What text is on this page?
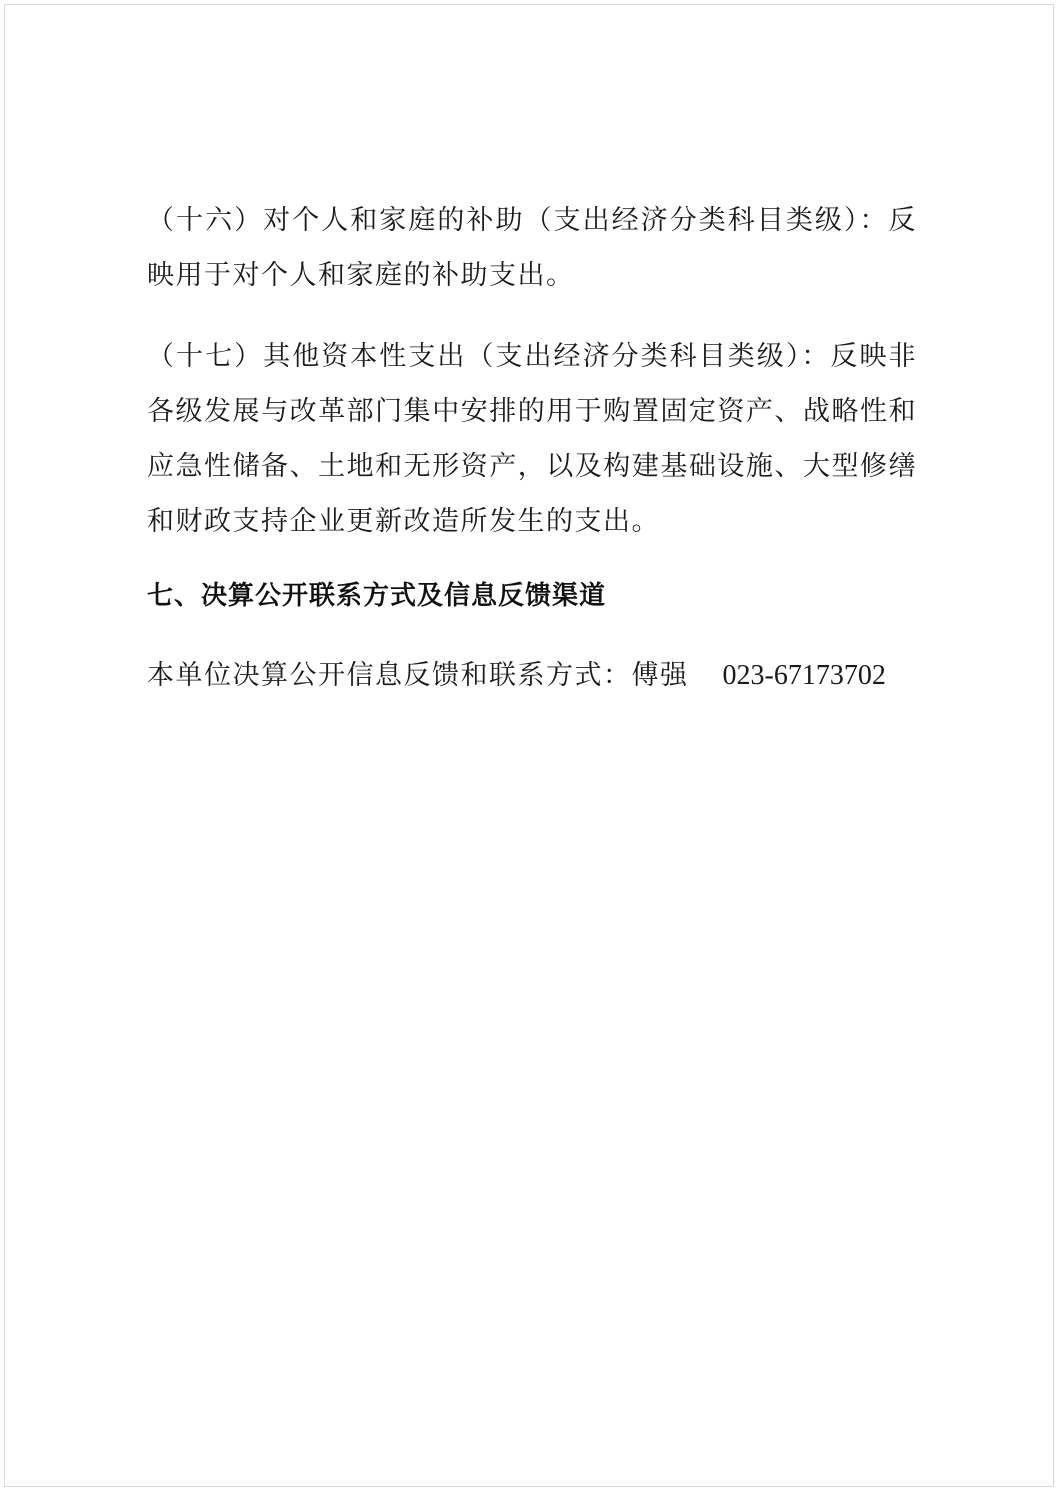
（十六）对个人和家庭的补助（支出经济分类科目类级）：反映用于对个人和家庭的补助支出。

（十七）其他资本性支出（支出经济分类科目类级）：反映非各级发展与改革部门集中安排的用于购置固定资产、战略性和应急性储备、土地和无形资产，以及构建基础设施、大型修缮和财政支持企业更新改造所发生的支出。

七、决算公开联系方式及信息反馈渠道

本单位决算公开信息反馈和联系方式：傅强 023-67173702
